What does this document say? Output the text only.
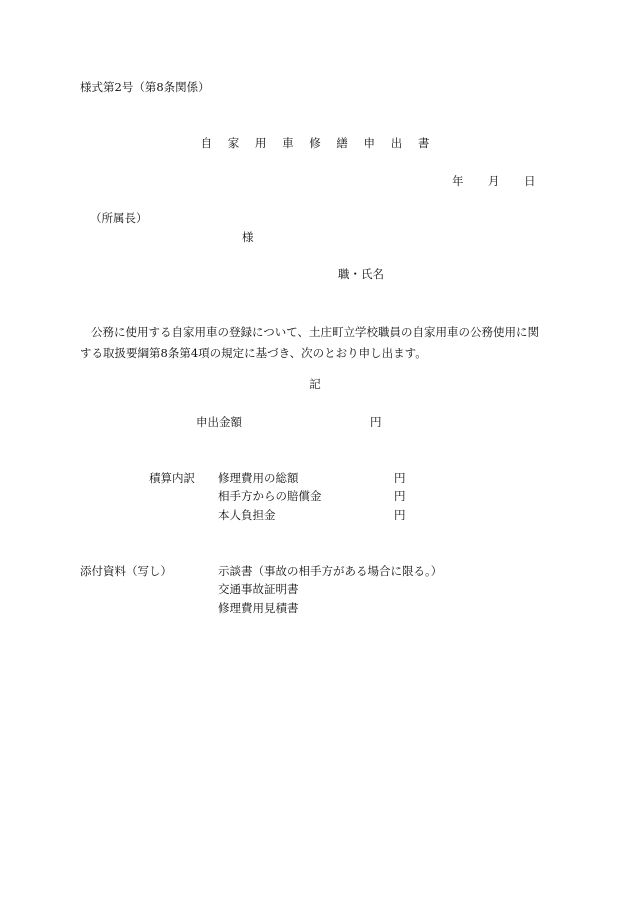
様式第2号（第8条関係）
自 家 用 車 修 繕 申 出 書
年 月 日
（所属長）
様
職・氏名
公務に使用する自家用車の登録について、土庄町立学校職員の自家用車の公務使用に関する取扱要綱第8条第4項の規定に基づき、次のとおり申し出ます。
記
申出金額	円
積算内訳 修理費用の総額	円
相手方からの賠償金	円
本人負担金	円
添付資料（写し）	示談書（事故の相手方がある場合に限る。）
交通事故証明書
修理費用見積書
